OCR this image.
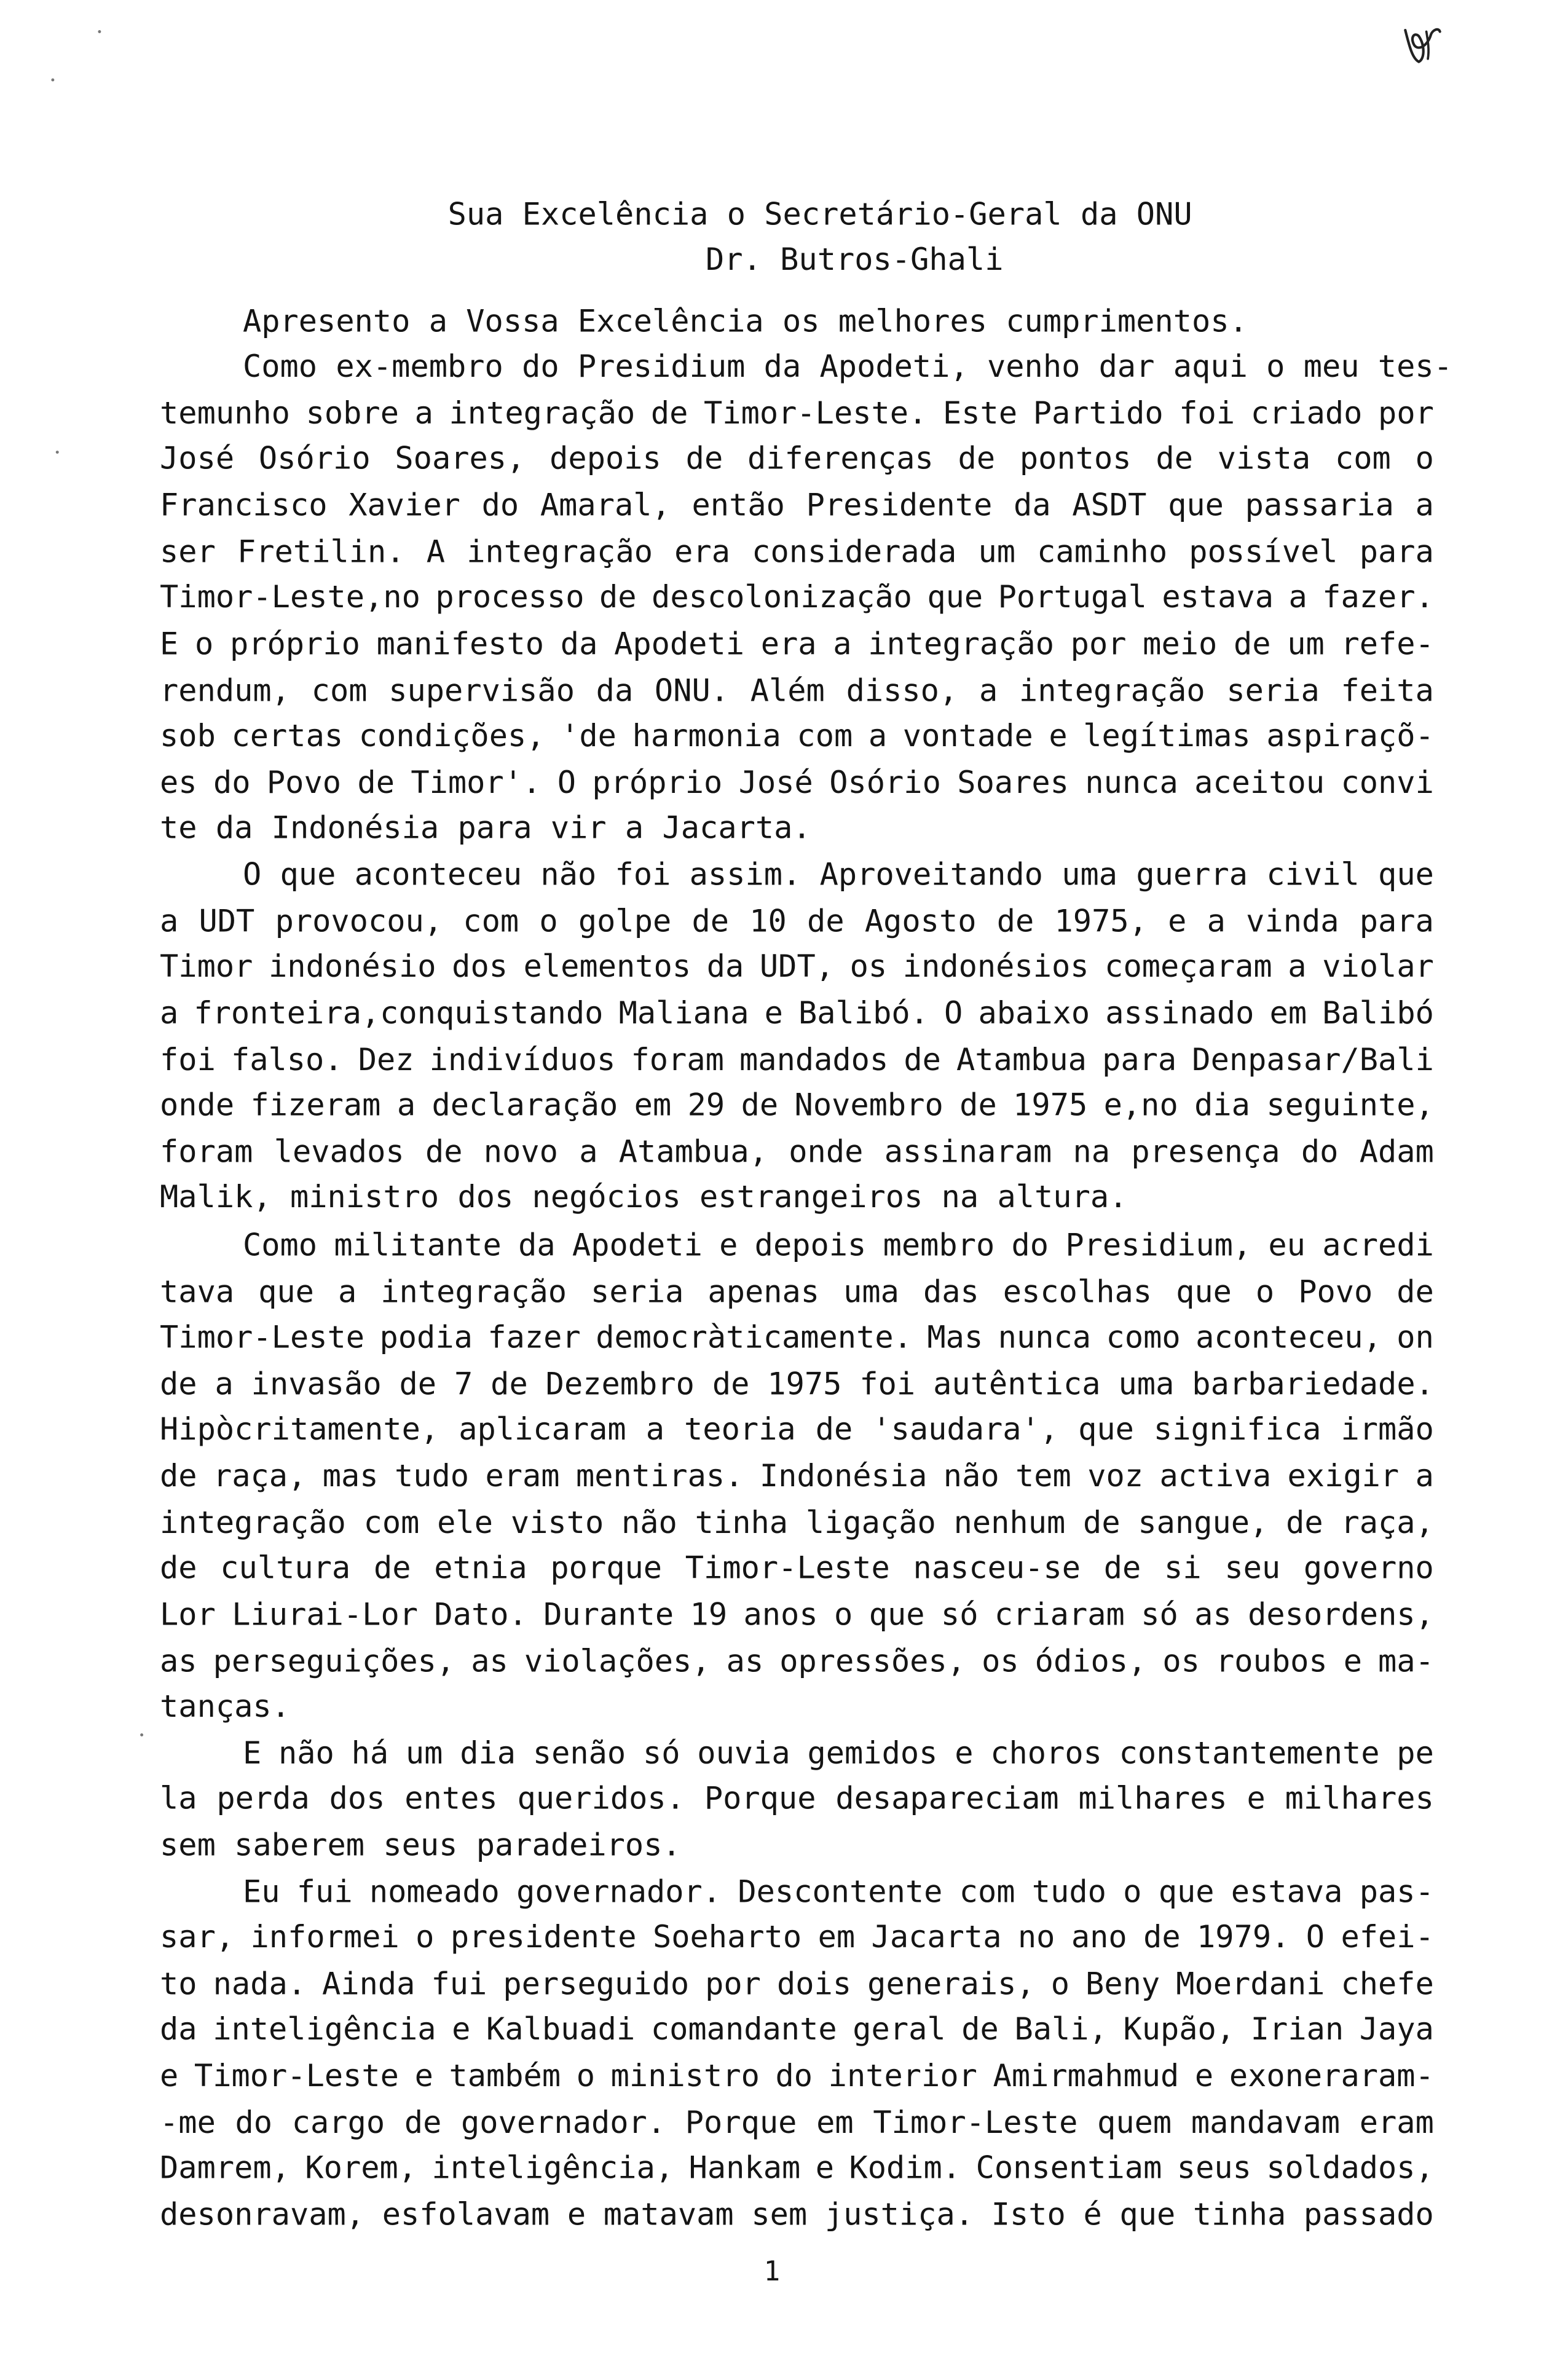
Sua Excelência o Secretário-Geral da ONU
Dr. Butros-Ghali
Apresento a Vossa Excelência os melhores cumprimentos.
Como ex-membro do Presidium da Apodeti, venho dar aqui o meu tes-
temunho sobre a integração de Timor-Leste. Este Partido foi criado por
José Osório Soares, depois de diferenças de pontos de vista com o
Francisco Xavier do Amaral, então Presidente da ASDT que passaria a
ser Fretilin. A integração era considerada um caminho possível para
Timor-Leste,no processo de descolonização que Portugal estava a fazer.
E o próprio manifesto da Apodeti era a integração por meio de um refe-
rendum, com supervisão da ONU. Além disso, a integração seria feita
sob certas condições, 'de harmonia com a vontade e legítimas aspiraçõ-
es do Povo de Timor'. O próprio José Osório Soares nunca aceitou convi
te da Indonésia para vir a Jacarta.
O que aconteceu não foi assim. Aproveitando uma guerra civil que
a UDT provocou, com o golpe de 10 de Agosto de 1975, e a vinda para
Timor indonésio dos elementos da UDT, os indonésios começaram a violar
a fronteira,conquistando Maliana e Balibó. O abaixo assinado em Balibó
foi falso. Dez indivíduos foram mandados de Atambua para Denpasar/Bali
onde fizeram a declaração em 29 de Novembro de 1975 e,no dia seguinte,
foram levados de novo a Atambua, onde assinaram na presença do Adam
Malik, ministro dos negócios estrangeiros na altura.
Como militante da Apodeti e depois membro do Presidium, eu acredi
tava que a integração seria apenas uma das escolhas que o Povo de
Timor-Leste podia fazer democràticamente. Mas nunca como aconteceu, on
de a invasão de 7 de Dezembro de 1975 foi autêntica uma barbariedade.
Hipòcritamente, aplicaram a teoria de 'saudara', que significa irmão
de raça, mas tudo eram mentiras. Indonésia não tem voz activa exigir a
integração com ele visto não tinha ligação nenhum de sangue, de raça,
de cultura de etnia porque Timor-Leste nasceu-se de si seu governo
Lor Liurai-Lor Dato. Durante 19 anos o que só criaram só as desordens,
as perseguições, as violações, as opressões, os ódios, os roubos e ma-
tanças.
E não há um dia senão só ouvia gemidos e choros constantemente pe
la perda dos entes queridos. Porque desapareciam milhares e milhares
sem saberem seus paradeiros.
Eu fui nomeado governador. Descontente com tudo o que estava pas-
sar, informei o presidente Soeharto em Jacarta no ano de 1979. O efei-
to nada. Ainda fui perseguido por dois generais, o Beny Moerdani chefe
da inteligência e Kalbuadi comandante geral de Bali, Kupão, Irian Jaya
e Timor-Leste e também o ministro do interior Amirmahmud e exoneraram-
-me do cargo de governador. Porque em Timor-Leste quem mandavam eram
Damrem, Korem, inteligência, Hankam e Kodim. Consentiam seus soldados,
desonravam, esfolavam e matavam sem justiça. Isto é que tinha passado
1
